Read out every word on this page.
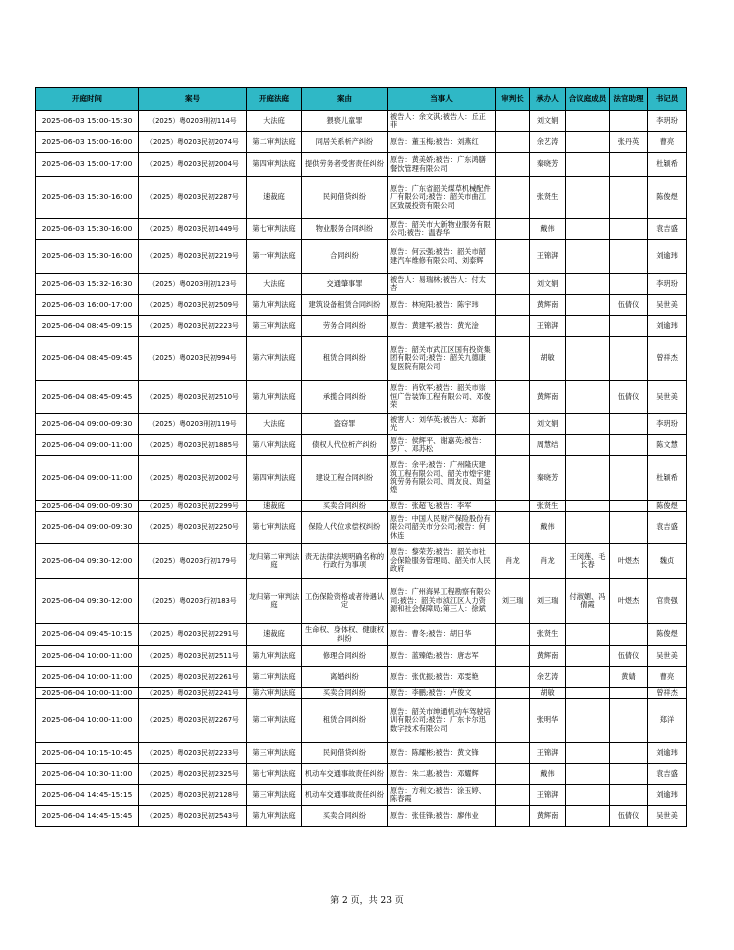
开庭时间	案号	开庭法庭	案由	当事人	审判长	承办人	合议庭成员	法官助理	书记员
2025-06-03 15:00-15:30	（2025）粤0203刑初114号	大法庭	猥亵儿童罪	被告人：余文淇;被告人：丘正菲		刘文娟			李玥玢
2025-06-03 15:00-16:00	（2025）粤0203民初2074号	第二审判法庭	同居关系析产纠纷	原告：董玉梅;被告：刘燕红		余艺涛		张丹英	曹亮
2025-06-03 15:00-17:00	（2025）粤0203民初2004号	第四审判法庭	提供劳务者受害责任纠纷	原告：黄美娇;被告：广东鸿膳餐饮管理有限公司		秦晓芳			杜颖希
2025-06-03 15:30-16:00	（2025）粤0203民初2287号	速裁庭	民间借贷纠纷	原告：广东省韶关煤草机械配件厂有限公司;被告：韶关市曲江区致晟投资有限公司		张贤生			陈俊煜
2025-06-03 15:30-16:00	（2025）粤0203民初1449号	第七审判法庭	物业服务合同纠纷	原告：韶关市大新物业服务有限公司;被告：温春华		戴伟			袁吉盛
2025-06-03 15:30-16:00	（2025）粤0203民初2219号	第一审判法庭	合同纠纷	原告：何云强;被告：韶关市韶建汽车维修有限公司、刘泰辉		王锦湃			刘逾玮
2025-06-03 15:32-16:30	（2025）粤0203刑初123号	大法庭	交通肇事罪	被告人：易瑞林;被告人：付太杏		刘文娟			李玥玢
2025-06-03 16:00-17:00	（2025）粤0203民初2509号	第九审判法庭	建筑设备租赁合同纠纷	原告：林宛阳;被告：陈宇玮		黄辉南		伍倩仪	吴世美
2025-06-04 08:45-09:15	（2025）粤0203民初2223号	第三审判法庭	劳务合同纠纷	原告：黄建军;被告：黄光淦		王锦湃			刘逾玮
2025-06-04 08:45-09:45	（2025）粤0203民初994号	第六审判法庭	租赁合同纠纷	原告：韶关市武江区国有投资集团有限公司;被告：韶关九德康复医院有限公司		胡敏			曾祥杰
2025-06-04 08:45-09:45	（2025）粤0203民初2510号	第九审判法庭	承揽合同纠纷	原告：肖钦军;被告：韶关市崇恒广告装饰工程有限公司、邓俊荣		黄辉南		伍倩仪	吴世美
2025-06-04 09:00-09:30	（2025）粤0203刑初119号	大法庭	盗窃罪	被害人：刘华英;被告人：郑新光		刘文娟			李玥玢
2025-06-04 09:00-11:00	（2025）粤0203民初1885号	第八审判法庭	债权人代位析产纠纷	原告：侯辉平、谢嘉英;被告：罗广、邓苏松		周慧结			陈文慧
2025-06-04 09:00-11:00	（2025）粤0203民初2002号	第四审判法庭	建设工程合同纠纷	原告：余平;被告：广州隆庆建筑工程有限公司、韶关市煌宇建筑劳务有限公司、周友良、周益煌		秦晓芳			杜颖希
2025-06-04 09:00-09:30	（2025）粤0203民初2299号	速裁庭	买卖合同纠纷	原告：张超飞;被告：李军		张贤生			陈俊煜
2025-06-04 09:00-09:30	（2025）粤0203民初2250号	第七审判法庭	保险人代位求偿权纠纷	原告：中国人民财产保险股份有限公司韶关市分公司;被告：何休连		戴伟			袁吉盛
2025-06-04 09:30-12:00	（2025）粤0203行初179号	龙归第二审判法庭	责无法律法规明确名称的行政行为事项	原告：黎荣芳;被告：韶关市社会保险服务管理局、韶关市人民政府	肖龙	肖龙	王闵莲、毛长春	叶煜杰	魏贞
2025-06-04 09:30-12:00	（2025）粤0203行初183号	龙归第一审判法庭	工伤保险资格或者待遇认定	原告：广州海昇工程勘察有限公司;被告：韶关市浈江区人力资源和社会保障局;第三人：徐斌	刘三瑞	刘三瑞	付淑媚、冯倩霞	叶煜杰	官贵强
2025-06-04 09:45-10:15	（2025）粤0203民初2291号	速裁庭	生命权、身体权、健康权纠纷	原告：曹冬;被告：胡日华		张贤生			陈俊煜
2025-06-04 10:00-11:00	（2025）粤0203民初2511号	第九审判法庭	修理合同纠纷	原告：蓝臻皓;被告：唐志军		黄辉南		伍倩仪	吴世美
2025-06-04 10:00-11:00	（2025）粤0203民初2261号	第二审判法庭	离婚纠纷	原告：张优振;被告：邓雯艳		余艺涛		黄婧	曹亮
2025-06-04 10:00-11:00	（2025）粤0203民初2241号	第六审判法庭	买卖合同纠纷	原告：李鹏;被告：卢俊文		胡敏			曾祥杰
2025-06-04 10:00-11:00	（2025）粤0203民初2267号	第二审判法庭	租赁合同纠纷	原告：韶关市绅通机动车驾驶培训有限公司;被告：广东卡尔迅数字技术有限公司		张明华			郑洋
2025-06-04 10:15-10:45	（2025）粤0203民初2233号	第三审判法庭	民间借贷纠纷	原告：陈耀彬;被告：黄文锋		王锦湃			刘逾玮
2025-06-04 10:30-11:00	（2025）粤0203民初2325号	第七审判法庭	机动车交通事故责任纠纷	原告：朱二惠;被告：邓耀辉		戴伟			袁吉盛
2025-06-04 14:45-15:15	（2025）粤0203民初2128号	第三审判法庭	机动车交通事故责任纠纷	原告：方利文;被告：涂玉婷、陈春霞		王锦湃			刘逾玮
2025-06-04 14:45-15:45	（2025）粤0203民初2543号	第九审判法庭	买卖合同纠纷	原告：张佳锋;被告：廖伟业		黄辉南		伍倩仪	吴世美
第 2 页，共 23 页
